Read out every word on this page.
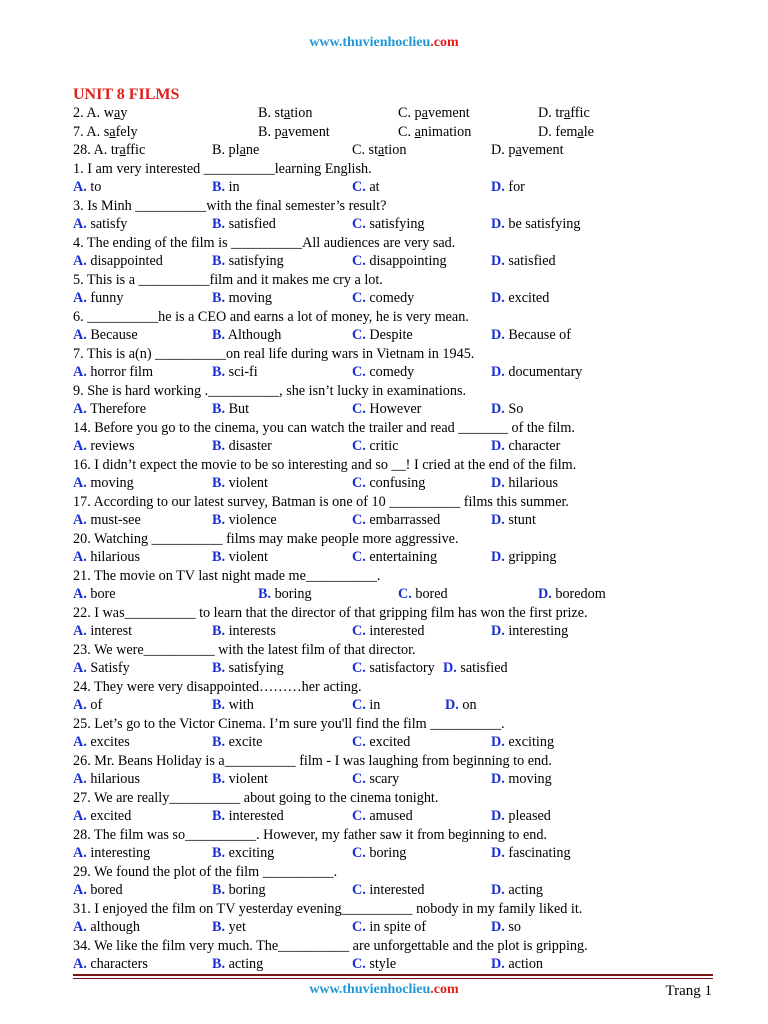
www.thuvienhoclieu.com
UNIT 8 FILMS
2. A. way	B. station	C. pavement	D. traffic
7. A. safely	B. pavement	C. animation	D. female
28. A. traffic	B. plane	C. station	D. pavement
1. I am very interested __________learning English.
A. to	B. in	C. at	D. for
3. Is Minh __________with the final semester’s result?
A. satisfy	B. satisfied	C. satisfying	D. be satisfying
4. The ending of the film is __________All audiences are very sad.
A. disappointed	B. satisfying	C. disappointing	D. satisfied
5. This is a __________film and it makes me cry a lot.
A. funny	B. moving	C. comedy	D. excited
6. __________he is a CEO and earns a lot of money, he is very mean.
A. Because	B. Although	C. Despite	D. Because of
7. This is a(n) __________on real life during wars in Vietnam in 1945.
A. horror film	B. sci-fi	C. comedy	D. documentary
9. She is hard working .__________, she isn’t lucky in examinations.
A. Therefore	B. But	C. However	D. So
14. Before you go to the cinema, you can watch the trailer and read _______ of the film.
A. reviews	B. disaster	C. critic	D. character
16. I didn’t expect the movie to be so interesting and so __! I cried at the end of the film.
A. moving	B. violent	C. confusing	D. hilarious
17. According to our latest survey, Batman is one of 10 __________ films this summer.
A. must-see	B. violence	C. embarrassed	D. stunt
20. Watching __________ films may make people more aggressive.
A. hilarious	B. violent	C. entertaining	D. gripping
21. The movie on TV last night made me__________.
A. bore	B. boring	C. bored	D. boredom
22. I was__________ to learn that the director of that gripping film has won the first prize.
A. interest	B. interests	C. interested	D. interesting
23. We were__________ with the latest film of that director.
A. Satisfy	B. satisfying	C. satisfactory D. satisfied
24. They were very disappointed………her acting.
A. of	B. with	C. in	D. on
25. Let’s go to the Victor Cinema. I’m sure you'll find the film __________.
A. excites	B. excite	C. excited	D. exciting
26. Mr. Beans Holiday is a__________ film - I was laughing from beginning to end.
A. hilarious	B. violent	C. scary	D. moving
27. We are really__________ about going to the cinema tonight.
A. excited	B. interested	C. amused	D. pleased
28. The film was so__________. However, my father saw it from beginning to end.
A. interesting	B. exciting	C. boring	D. fascinating
29. We found the plot of the film __________.
A. bored	B. boring	C. interested	D. acting
31. I enjoyed the film on TV yesterday evening__________ nobody in my family liked it.
A. although	B. yet	C. in spite of	D. so
34. We like the film very much. The__________ are unforgettable and the plot is gripping.
A. characters	B. acting	C. style	D. action
www.thuvienhoclieu.com	Trang 1
